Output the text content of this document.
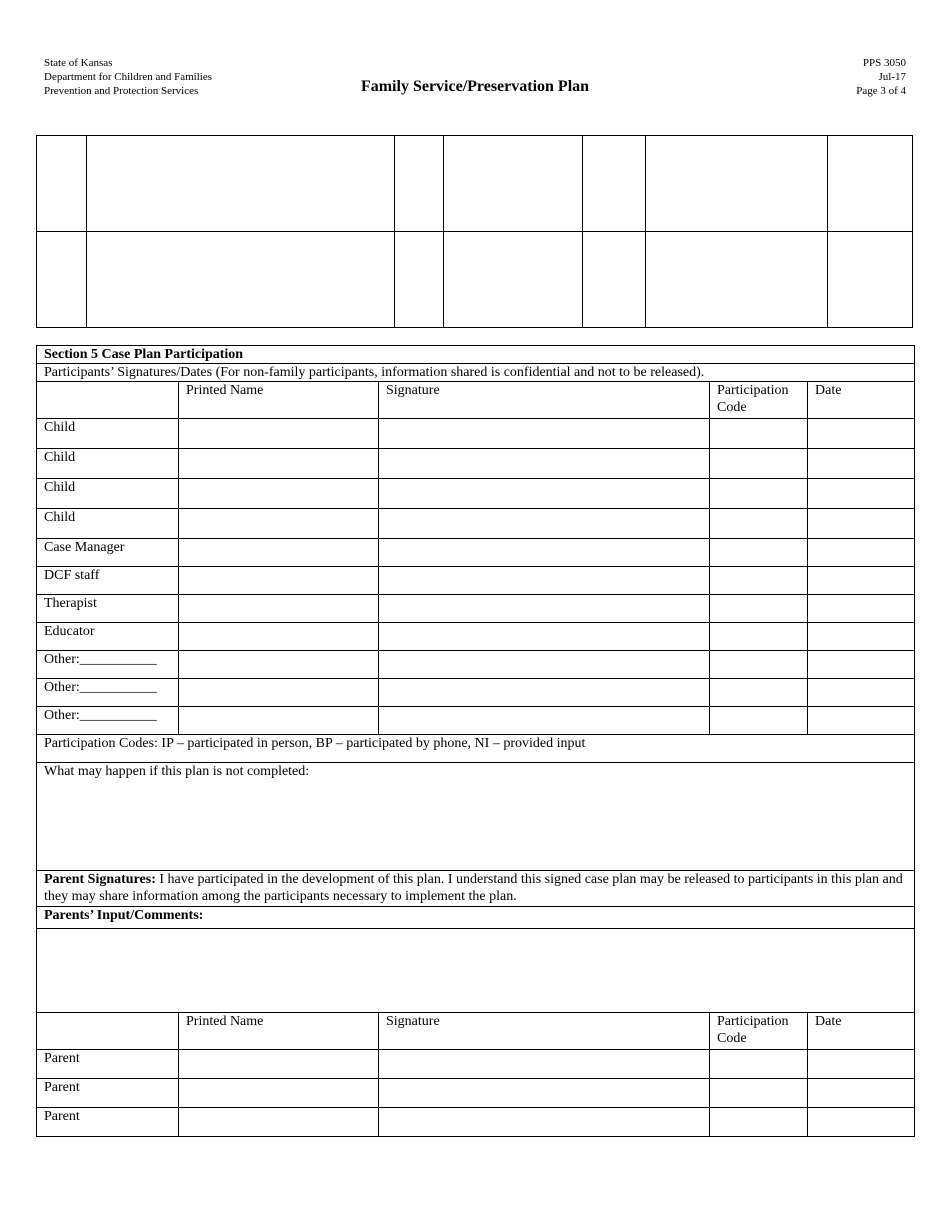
State of Kansas
Department for Children and Families
Prevention and Protection Services	Family Service/Preservation Plan
PPS 3050
Jul-17
Page 3 of 4

Section 5 Case Plan Participation				
Participants’ Signatures/Dates (For non-family participants, information shared is confidential and not to be released).				
	Printed Name	Signature	Participation Code	Date
Child				
Child				
Child				
Child				
Case Manager				
DCF staff				
Therapist				
Educator				
Other:___________				
Other:___________				
Other:___________				
Participation Codes: IP – participated in person, BP – participated by phone, NI – provided input				
What may happen if this plan is not completed:				
Parent Signatures: I have participated in the development of this plan. I understand this signed case plan may be released to participants in this plan and they may share information among the participants necessary to implement the plan.				
Parents’ Input/Comments:				

	Printed Name	Signature	Participation Code	Date
Parent				
Parent				
Parent				
